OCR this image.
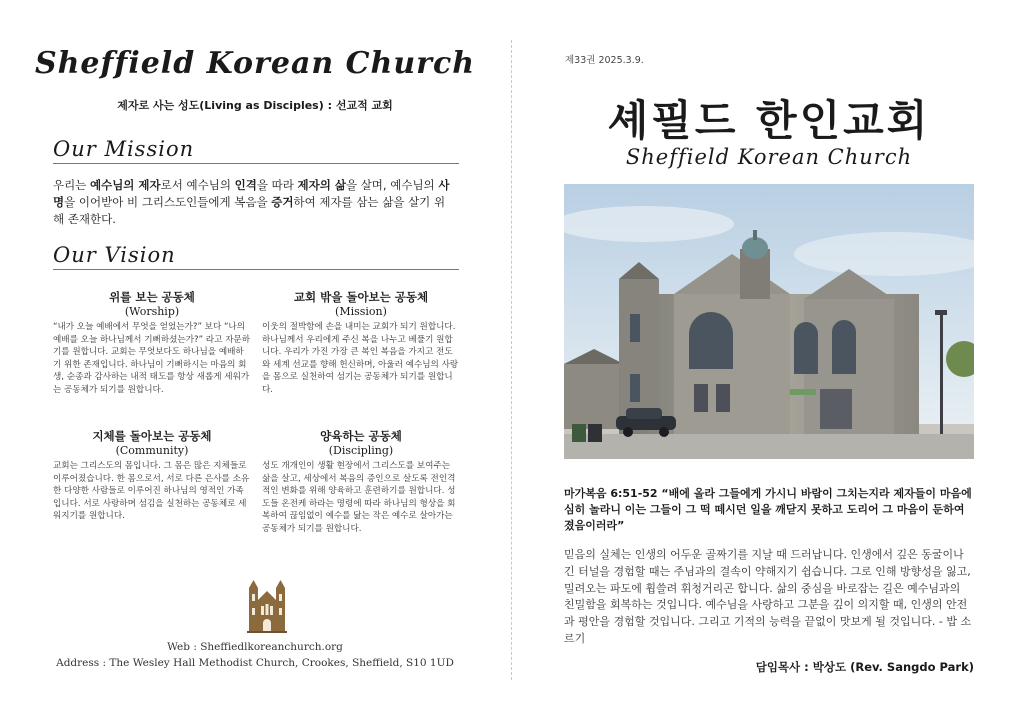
Sheffield Korean Church
제자로 사는 성도(Living as Disciples) : 선교적 교회
Our Mission
우리는 예수님의 제자로서 예수님의 인격을 따라 제자의 삶을 살며, 예수님의 사명을 이어받아 비 그리스도인들에게 복음을 증거하여 제자를 삼는 삶을 살기 위해 존재한다.
Our Vision
위를 보는 공동체
(Worship)
“내가 오늘 예배에서 무엇을 얻었는가?” 보다 “나의 예배를 오늘 하나님께서 기뻐하셨는가?” 라고 자문하기를 원합니다. 교회는 무엇보다도 하나님을 예배하기 위한 존재입니다. 하나님이 기뻐하시는 마음의 회생, 순종과 감사하는 내적 태도를 항상 새롭게 세워가는 공동체가 되기를 원합니다.
교회 밖을 돌아보는 공동체
(Mission)
이웃의 절박함에 손을 내미는 교회가 되기 원합니다. 하나님께서 우리에게 주신 복을 나누고 베풀기 원합니다. 우리가 가진 가장 큰 복인 복음을 가지고 전도와 세계 선교를 향해 헌신하며, 아울러 예수님의 사랑을 몸으로 실천하여 섬기는 공동체가 되기를 원합니다.
지체를 돌아보는 공동체
(Community)
교회는 그리스도의 몸입니다. 그 몸은 많은 지체들로 이루어졌습니다. 한 몸으로서, 서로 다른 은사를 소유한 다양한 사람들로 이루어진 하나님의 영적인 가족입니다. 서로 사랑하며 섬김을 실천하는 공동체로 세워지기를 원합니다.
양육하는 공동체
(Discipling)
성도 개개인이 생활 현장에서 그리스도를 보여주는 삶을 살고, 세상에서 복음의 증인으로 살도록 전인격적인 변화를 위해 양육하고 훈련하기를 원합니다. 성도들 온전케 하라는 명령에 따라 하나님의 형상을 회복하여 끊임없이 예수를 닮는 작은 예수로 살아가는 공동체가 되기를 원합니다.
Web : Sheffiedlkoreanchurch.org
Address : The Wesley Hall Methodist Church, Crookes, Sheffield, S10 1UD
제33권 2025.3.9.
셰필드 한인교회
Sheffield Korean Church
마가복음 6:51-52 “배에 올라 그들에게 가시니 바람이 그치는지라 제자들이 마음에 심히 놀라니 이는 그들이 그 떡 떼시던 일을 깨닫지 못하고 도리어 그 마음이 둔하여졌음이러라”
믿음의 실체는 인생의 어두운 골짜기를 지날 때 드러납니다. 인생에서 깊은 동굴이나 긴 터널을 경험할 때는 주님과의 결속이 약해지기 쉽습니다. 그로 인해 방향성을 잃고, 밀려오는 파도에 휩쓸려 휘청거리곤 합니다. 삶의 중심을 바로잡는 길은 예수님과의 친밀함을 회복하는 것입니다. 예수님을 사랑하고 그분을 깊이 의지할 때, 인생의 안전과 평안을 경험할 것입니다. 그리고 기적의 능력을 끝없이 맛보게 될 것입니다. - 밥 소르기
담임목사 : 박상도 (Rev. Sangdo Park)
